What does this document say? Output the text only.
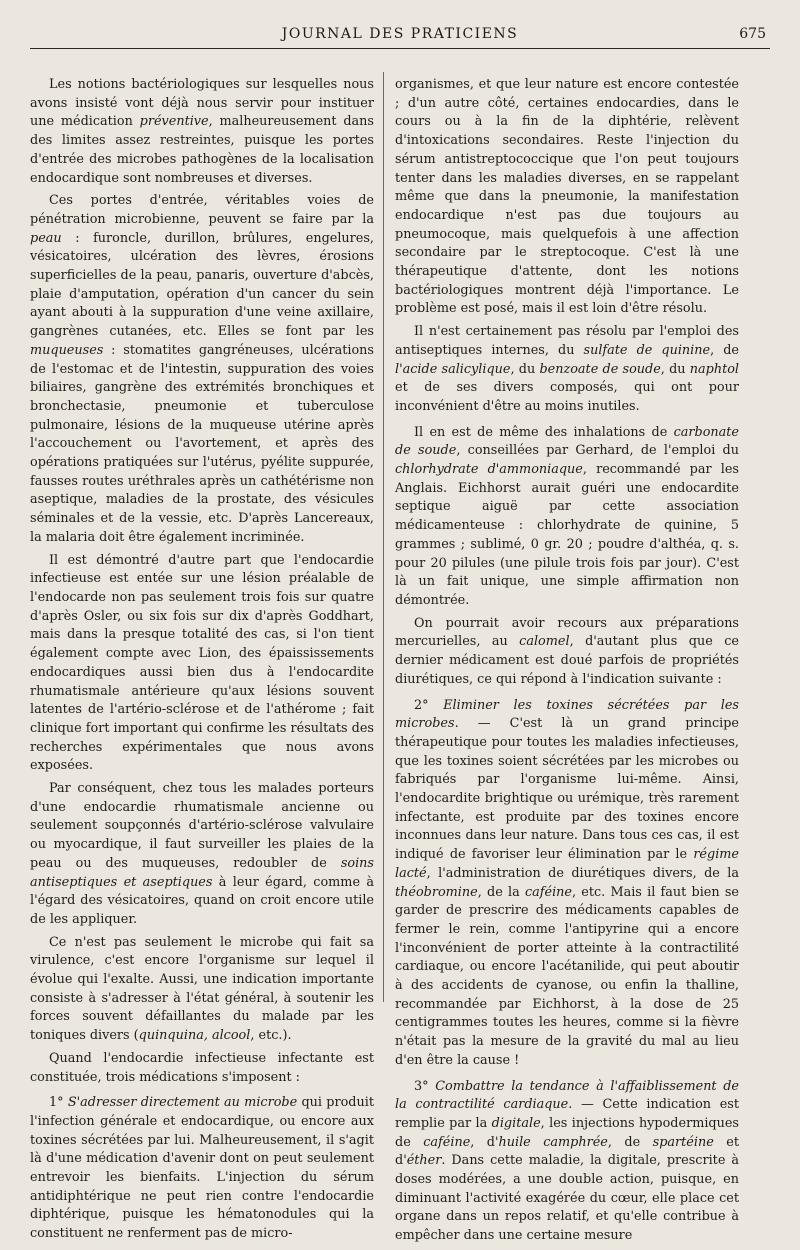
JOURNAL DES PRATICIENS	675

Les notions bactériologiques sur lesquelles nous avons insisté vont déjà nous servir pour instituer une médication préventive, malheureusement dans des limites assez restreintes, puisque les portes d'entrée des microbes pathogènes de la localisation endocardique sont nombreuses et diverses.

Ces portes d'entrée, véritables voies de pénétration microbienne, peuvent se faire par la peau : furoncle, durillon, brûlures, engelures, vésicatoires, ulcération des lèvres, érosions superficielles de la peau, panaris, ouverture d'abcès, plaie d'amputation, opération d'un cancer du sein ayant abouti à la suppuration d'une veine axillaire, gangrènes cutanées, etc. Elles se font par les muqueuses : stomatites gangréneuses, ulcérations de l'estomac et de l'intestin, suppuration des voies biliaires, gangrène des extrémités bronchiques et bronchectasie, pneumonie et tuberculose pulmonaire, lésions de la muqueuse utérine après l'accouchement ou l'avortement, et après des opérations pratiquées sur l'utérus, pyélite suppurée, fausses routes uréthrales après un cathétérisme non aseptique, maladies de la prostate, des vésicules séminales et de la vessie, etc. D'après Lancereaux, la malaria doit être également incriminée.

Il est démontré d'autre part que l'endocardie infectieuse est entée sur une lésion préalable de l'endocarde non pas seulement trois fois sur quatre d'après Osler, ou six fois sur dix d'après Goddhart, mais dans la presque totalité des cas, si l'on tient également compte avec Lion, des épaississements endocardiques aussi bien dus à l'endocardite rhumatismale antérieure qu'aux lésions souvent latentes de l'artério-sclérose et de l'athérome ; fait clinique fort important qui confirme les résultats des recherches expérimentales que nous avons exposées.

Par conséquent, chez tous les malades porteurs d'une endocardie rhumatismale ancienne ou seulement soupçonnés d'artério-sclérose valvulaire ou myocardique, il faut surveiller les plaies de la peau ou des muqueuses, redoubler de soins antiseptiques et aseptiques à leur égard, comme à l'égard des vésicatoires, quand on croit encore utile de les appliquer.

Ce n'est pas seulement le microbe qui fait sa virulence, c'est encore l'organisme sur lequel il évolue qui l'exalte. Aussi, une indication importante consiste à s'adresser à l'état général, à soutenir les forces souvent défaillantes du malade par les toniques divers (quinquina, alcool, etc.).

Quand l'endocardie infectieuse infectante est constituée, trois médications s'imposent :

1° S'adresser directement au microbe qui produit l'infection générale et endocardique, ou encore aux toxines sécrétées par lui. Malheureusement, il s'agit là d'une médication d'avenir dont on peut seulement entrevoir les bienfaits. L'injection du sérum antidiphtérique ne peut rien contre l'endocardie diphtérique, puisque les hématonodules qui la constituent ne renferment pas de micro-

organismes, et que leur nature est encore contestée ; d'un autre côté, certaines endocardies, dans le cours ou à la fin de la diphtérie, relèvent d'intoxications secondaires. Reste l'injection du sérum antistreptococcique que l'on peut toujours tenter dans les maladies diverses, en se rappelant même que dans la pneumonie, la manifestation endocardique n'est pas due toujours au pneumocoque, mais quelquefois à une affection secondaire par le streptocoque. C'est là une thérapeutique d'attente, dont les notions bactériologiques montrent déjà l'importance. Le problème est posé, mais il est loin d'être résolu.

Il n'est certainement pas résolu par l'emploi des antiseptiques internes, du sulfate de quinine, de l'acide salicylique, du benzoate de soude, du naphtol et de ses divers composés, qui ont pour inconvénient d'être au moins inutiles.

Il en est de même des inhalations de carbonate de soude, conseillées par Gerhard, de l'emploi du chlorhydrate d'ammoniaque, recommandé par les Anglais. Eichhorst aurait guéri une endocardite septique aiguë par cette association médicamenteuse : chlorhydrate de quinine, 5 grammes ; sublimé, 0 gr. 20 ; poudre d'althéa, q. s. pour 20 pilules (une pilule trois fois par jour). C'est là un fait unique, une simple affirmation non démontrée.

On pourrait avoir recours aux préparations mercurielles, au calomel, d'autant plus que ce dernier médicament est doué parfois de propriétés diurétiques, ce qui répond à l'indication suivante :

2° Eliminer les toxines sécrétées par les microbes. — C'est là un grand principe thérapeutique pour toutes les maladies infectieuses, que les toxines soient sécrétées par les microbes ou fabriqués par l'organisme lui-même. Ainsi, l'endocardite brightique ou urémique, très rarement infectante, est produite par des toxines encore inconnues dans leur nature. Dans tous ces cas, il est indiqué de favoriser leur élimination par le régime lacté, l'administration de diurétiques divers, de la théobromine, de la caféine, etc. Mais il faut bien se garder de prescrire des médicaments capables de fermer le rein, comme l'antipyrine qui a encore l'inconvénient de porter atteinte à la contractilité cardiaque, ou encore l'acétanilide, qui peut aboutir à des accidents de cyanose, ou enfin la thalline, recommandée par Eichhorst, à la dose de 25 centigrammes toutes les heures, comme si la fièvre n'était pas la mesure de la gravité du mal au lieu d'en être la cause !

3° Combattre la tendance à l'affaiblissement de la contractilité cardiaque. — Cette indication est remplie par la digitale, les injections hypodermiques de caféine, d'huile camphrée, de spartéine et d'éther. Dans cette maladie, la digitale, prescrite à doses modérées, a une double action, puisque, en diminuant l'activité exagérée du cœur, elle place cet organe dans un repos relatif, et qu'elle contribue à empêcher dans une certaine mesure
